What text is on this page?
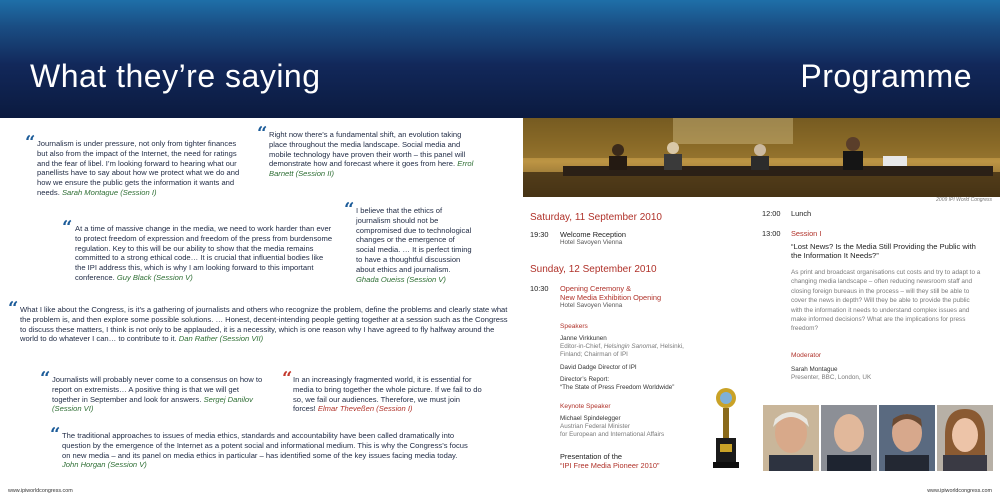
What they’re saying	Programme
“ Journalism is under pressure, not only from tighter finances but also from the impact of the Internet, the need for ratings and the fear of libel. I’m looking forward to hearing what our panellists have to say about how we protect what we do and how we ensure the public gets the information it wants and needs. Sarah Montague (Session I)
“ Right now there’s a fundamental shift, an evolution taking place throughout the media landscape. Social media and mobile technology have proven their worth – this panel will demonstrate how and forecast where it goes from here. Errol Barnett (Session II)
“ At a time of massive change in the media, we need to work harder than ever to protect freedom of expression and freedom of the press from burdensome regulation. Key to this will be our ability to show that the media remains committed to a strong ethical code… It is crucial that influential bodies like the IPI address this, which is why I am looking forward to this important conference. Guy Black (Session V)
“ I believe that the ethics of journalism should not be compromised due to technological changes or the emergence of social media. … It is perfect timing to have a thoughtful discussion about ethics and journalism. Ghada Oueiss (Session V)
“ What I like about the Congress, is it’s a gathering of journalists and others who recognize the problem, define the problems and clearly state what the problem is, and then explore some possible solutions. … Honest, decent-intending people getting together at a session such as the Congress to discuss these matters, I think is not only to be applauded, it is a necessity, which is one reason why I have agreed to fly halfway around the world to do whatever I can… to contribute to it. Dan Rather (Session VII)
“ Journalists will probably never come to a consensus on how to report on extremists… A positive thing is that we will get together in September and look for answers. Sergej Danilov (Session VI)
“ In an increasingly fragmented world, it is essential for media to bring together the whole picture. If we fail to do so, we fail our audiences. Therefore, we must join forces! Elmar Theveßen (Session I)
“ The traditional approaches to issues of media ethics, standards and accountability have been called dramatically into question by the emergence of the Internet as a potent social and informational medium. This is why the Congress’s focus on new media – and its panel on media ethics in particular – has identified some of the key issues facing media today. John Horgan (Session V)
2009 IPI World Congress
Saturday, 11 September 2010
19:30 Welcome Reception
Hotel Savoyen Vienna
Sunday, 12 September 2010
10:30 Opening Ceremony &
New Media Exhibition Opening
Hotel Savoyen Vienna
Speakers
Janne Virkkunen
Editor-in-Chief, Helsingin Sanomat, Helsinki,
Finland; Chairman of IPI
David Dadge Director of IPI
Director’s Report:
“The State of Press Freedom Worldwide”
Keynote Speaker
Michael Spindelegger
Austrian Federal Minister
for European and International Affairs
Presentation of the
“IPI Free Media Pioneer 2010”
12:00 Lunch
13:00 Session I
“Lost News? Is the Media Still Providing the Public with the Information It Needs?”
As print and broadcast organisations cut costs and try to adapt to a changing media landscape – often reducing newsroom staff and closing foreign bureaus in the process – will they still be able to cover the news in depth? Will they be able to provide the public with the information it needs to understand complex issues and make informed decisions? What are the implications for press freedom?
Moderator
Sarah Montague
Presenter, BBC, London, UK
www.ipiworldcongress.com	www.ipiworldcongress.com
